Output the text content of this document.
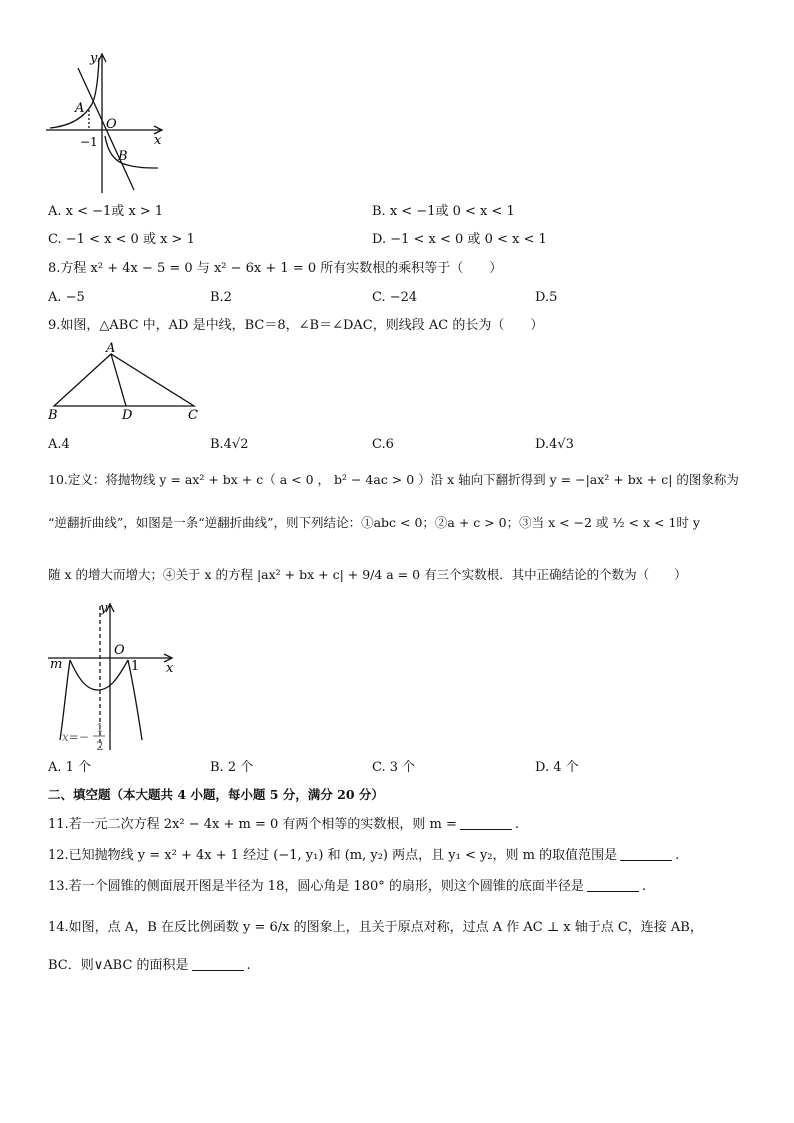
y
x
O
A
B
−1
A. x < −1或 x > 1	B. x < −1或 0 < x < 1
C. −1 < x < 0 或 x > 1	D. −1 < x < 0 或 0 < x < 1
8.方程 x² + 4x − 5 = 0 与 x² − 6x + 1 = 0 所有实数根的乘积等于（　　）
A. −5	B.2	C. −24	D.5
9.如图，△ABC 中，AD 是中线，BC＝8，∠B＝∠DAC，则线段 AC 的长为（　　）
A
B	D	C
A.4	B.4√2	C.6	D.4√3
10.定义：将抛物线 y = ax² + bx + c（ a < 0 ， b² − 4ac > 0 ）沿 x 轴向下翻折得到 y = −|ax² + bx + c| 的图象称为
“逆翻折曲线”，如图是一条“逆翻折曲线”，则下列结论：①abc < 0；②a + c > 0；③当 x < −2 或 ½ < x < 1时 y
随 x 的增大而增大；④关于 x 的方程 |ax² + bx + c| + 9/4 a = 0 有三个实数根．其中正确结论的个数为（　　）
y
O
x
m	1
x=−
1
2
A. 1 个	B. 2 个	C. 3 个	D. 4 个
二、填空题（本大题共 4 小题，每小题 5 分，满分 20 分）
11.若一元二次方程 2x² − 4x + m = 0 有两个相等的实数根，则 m =	.
12.已知抛物线 y = x² + 4x + 1 经过 (−1, y₁) 和 (m, y₂) 两点，且 y₁ < y₂，则 m 的取值范围是	.
13.若一个圆锥的侧面展开图是半径为 18，圆心角是 180° 的扇形，则这个圆锥的底面半径是	.
14.如图，点 A，B 在反比例函数 y = 6/x 的图象上，且关于原点对称，过点 A 作 AC ⊥ x 轴于点 C，连接 AB，
BC．则∨ABC 的面积是	.
